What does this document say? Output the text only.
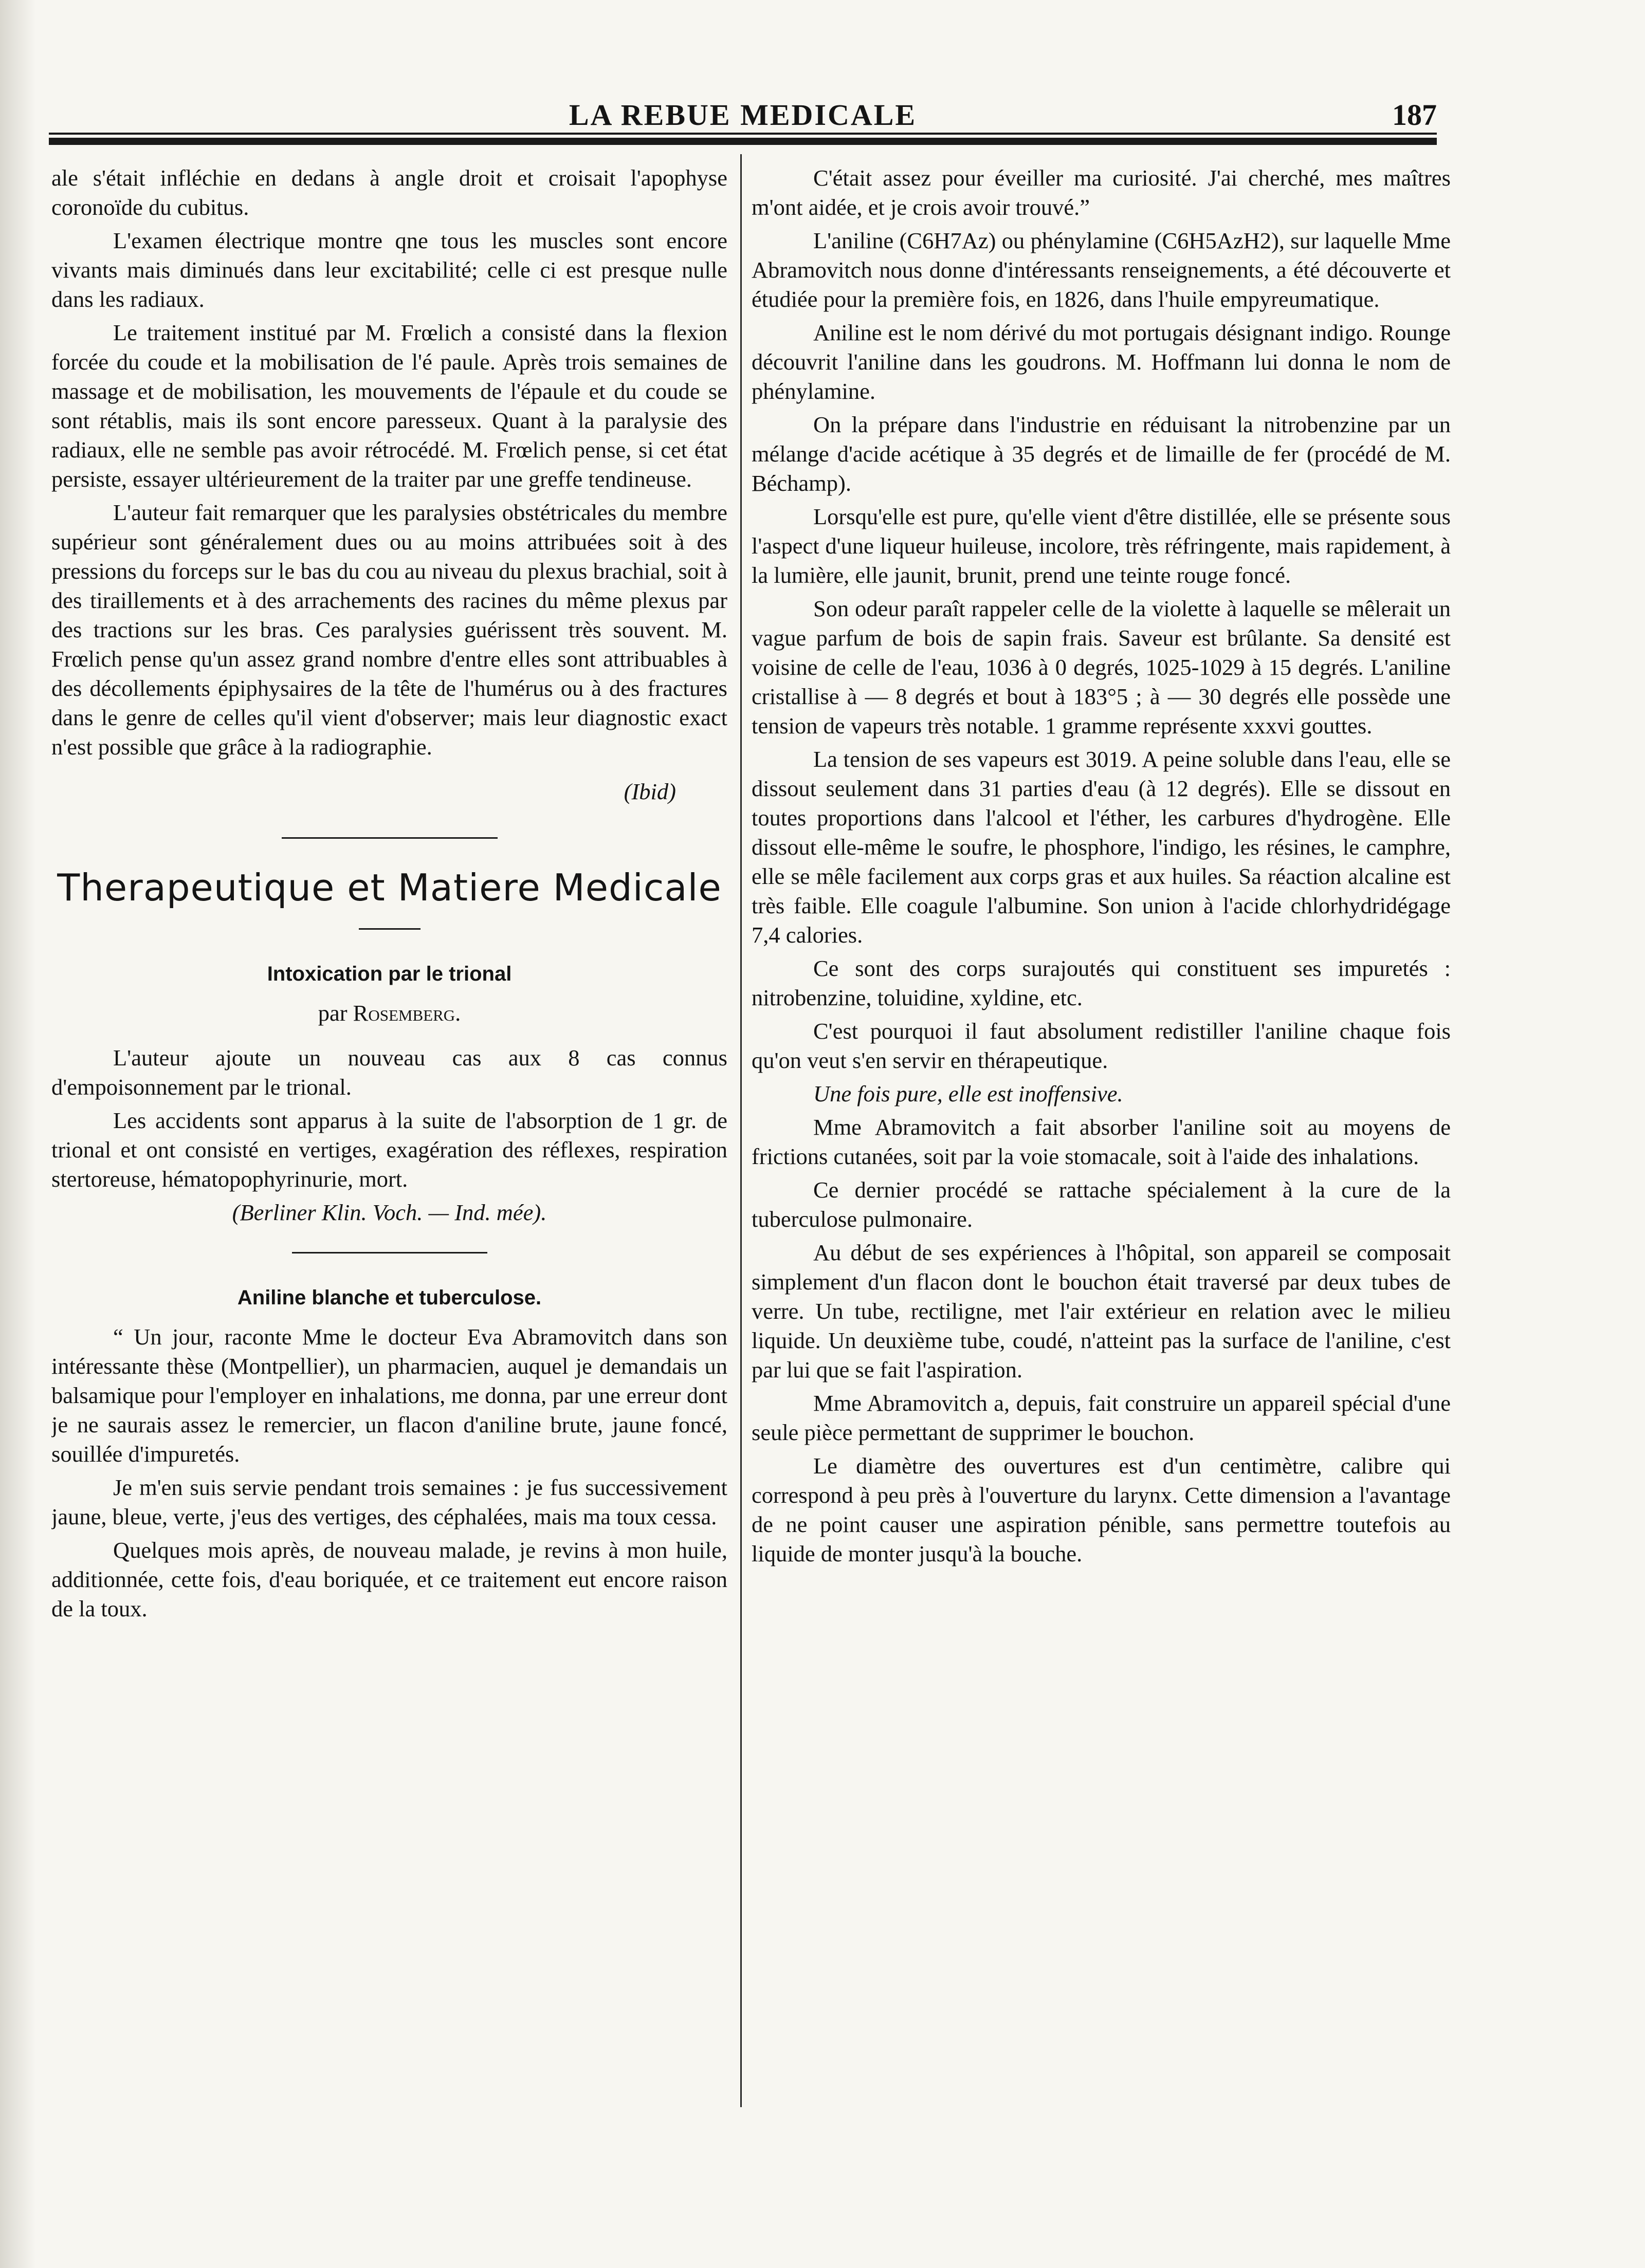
LA REBUE MEDICALE	187

ale s'était infléchie en dedans à angle droit et croisait l'apophyse coronoïde du cubitus.

L'examen électrique montre qne tous les muscles sont encore vivants mais diminués dans leur excitabilité; celle ci est presque nulle dans les radiaux.

Le traitement institué par M. Frœlich a consisté dans la flexion forcée du coude et la mobilisation de l'é paule. Après trois semaines de massage et de mobilisation, les mouvements de l'épaule et du coude se sont rétablis, mais ils sont encore paresseux. Quant à la paralysie des radiaux, elle ne semble pas avoir rétrocédé. M. Frœlich pense, si cet état persiste, essayer ultérieurement de la traiter par une greffe tendineuse.

L'auteur fait remarquer que les paralysies obstétricales du membre supérieur sont généralement dues ou au moins attribuées soit à des pressions du forceps sur le bas du cou au niveau du plexus brachial, soit à des tiraillements et à des arrachements des racines du même plexus par des tractions sur les bras. Ces paralysies guérissent très souvent. M. Frœlich pense qu'un assez grand nombre d'entre elles sont attribuables à des décollements épiphysaires de la tête de l'humérus ou à des fractures dans le genre de celles qu'il vient d'observer; mais leur diagnostic exact n'est possible que grâce à la radiographie.

(Ibid)
Therapeutique et Matiere Medicale
Intoxication par le trional
par Rosemberg.

L'auteur ajoute un nouveau cas aux 8 cas connus d'empoisonnement par le trional.

Les accidents sont apparus à la suite de l'absorption de 1 gr. de trional et ont consisté en vertiges, exagération des réflexes, respiration stertoreuse, hématopophyrinurie, mort.

(Berliner Klin. Voch. — Ind. mée).
Aniline blanche et tuberculose.

“ Un jour, raconte Mme le docteur Eva Abramovitch dans son intéressante thèse (Montpellier), un pharmacien, auquel je demandais un balsamique pour l'employer en inhalations, me donna, par une erreur dont je ne saurais assez le remercier, un flacon d'aniline brute, jaune foncé, souillée d'impuretés.

Je m'en suis servie pendant trois semaines : je fus successivement jaune, bleue, verte, j'eus des vertiges, des céphalées, mais ma toux cessa.

Quelques mois après, de nouveau malade, je revins à mon huile, additionnée, cette fois, d'eau boriquée, et ce traitement eut encore raison de la toux.

C'était assez pour éveiller ma curiosité. J'ai cherché, mes maîtres m'ont aidée, et je crois avoir trouvé.”

L'aniline (C6H7Az) ou phénylamine (C6H5AzH2), sur laquelle Mme Abramovitch nous donne d'intéressants renseignements, a été découverte et étudiée pour la première fois, en 1826, dans l'huile empyreumatique.

Aniline est le nom dérivé du mot portugais désignant indigo. Rounge découvrit l'aniline dans les goudrons. M. Hoffmann lui donna le nom de phénylamine.

On la prépare dans l'industrie en réduisant la nitrobenzine par un mélange d'acide acétique à 35 degrés et de limaille de fer (procédé de M. Béchamp).

Lorsqu'elle est pure, qu'elle vient d'être distillée, elle se présente sous l'aspect d'une liqueur huileuse, incolore, très réfringente, mais rapidement, à la lumière, elle jaunit, brunit, prend une teinte rouge foncé.

Son odeur paraît rappeler celle de la violette à laquelle se mêlerait un vague parfum de bois de sapin frais. Saveur est brûlante. Sa densité est voisine de celle de l'eau, 1036 à 0 degrés, 1025-1029 à 15 degrés. L'aniline cristallise à — 8 degrés et bout à 183°5 ; à — 30 degrés elle possède une tension de vapeurs très notable. 1 gramme représente xxxvi gouttes.

La tension de ses vapeurs est 3019. A peine soluble dans l'eau, elle se dissout seulement dans 31 parties d'eau (à 12 degrés). Elle se dissout en toutes proportions dans l'alcool et l'éther, les carbures d'hydrogène. Elle dissout elle-même le soufre, le phosphore, l'indigo, les résines, le camphre, elle se mêle facilement aux corps gras et aux huiles. Sa réaction alcaline est très faible. Elle coagule l'albumine. Son union à l'acide chlorhydridégage 7,4 calories.

Ce sont des corps surajoutés qui constituent ses impuretés : nitrobenzine, toluidine, xyldine, etc.

C'est pourquoi il faut absolument redistiller l'aniline chaque fois qu'on veut s'en servir en thérapeutique.

Une fois pure, elle est inoffensive.

Mme Abramovitch a fait absorber l'aniline soit au moyens de frictions cutanées, soit par la voie stomacale, soit à l'aide des inhalations.

Ce dernier procédé se rattache spécialement à la cure de la tuberculose pulmonaire.

Au début de ses expériences à l'hôpital, son appareil se composait simplement d'un flacon dont le bouchon était traversé par deux tubes de verre. Un tube, rectiligne, met l'air extérieur en relation avec le milieu liquide. Un deuxième tube, coudé, n'atteint pas la surface de l'aniline, c'est par lui que se fait l'aspiration.

Mme Abramovitch a, depuis, fait construire un appareil spécial d'une seule pièce permettant de supprimer le bouchon.

Le diamètre des ouvertures est d'un centimètre, calibre qui correspond à peu près à l'ouverture du larynx. Cette dimension a l'avantage de ne point causer une aspiration pénible, sans permettre toutefois au liquide de monter jusqu'à la bouche.
